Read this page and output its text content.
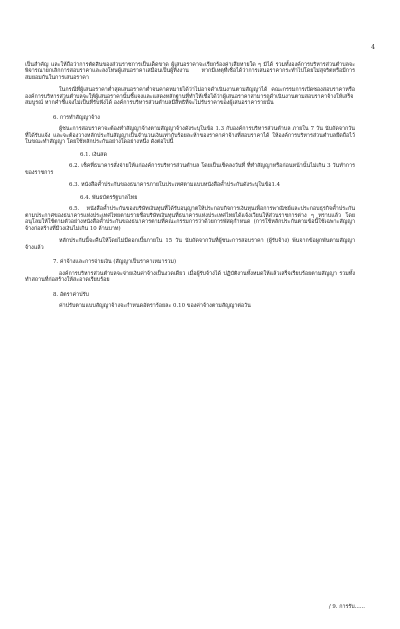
4

เป็นสำคัญ และให้ถือว่าการตัดสินของส่วนราชการเป็นเด็ดขาด ผู้เสนอราคาจะเรียกร้องค่าเสียหายใด ๆ มิได้ รวมทั้งองค์การบริหารส่วนตำบลจะพิจารณายกเลิกการสอบราคาและลงโทษผู้เสนอราคาเสมือนเป็นผู้ทิ้งงาน หากมีเหตุที่เชื่อได้ว่าการเสนอราคากระทำไปโดยไม่สุจริตหรือมีการสมยอมกันในการเสนอราคา

ในกรณีที่ผู้เสนอราคาต่ำสุดเสนอราคาต่ำจนคาดหมายได้ว่าไม่อาจดำเนินงานตามสัญญาได้ คณะกรรมการเปิดซองสอบราคาหรือองค์การบริหารส่วนตำบลจะให้ผู้เสนอราคานั้นชี้แจงและแสดงหลักฐานที่ทำให้เชื่อได้ว่าผู้เสนอราคาสามารถดำเนินงานตามสอบราคาจ้างให้เสร็จสมบูรณ์ หากคำชี้แจงไม่เป็นที่รับฟังได้ องค์การบริหารส่วนตำบลมีสิทธิที่จะไม่รับราคาของผู้เสนอราคารายนั้น

6. การทำสัญญาจ้าง

ผู้ชนะการสอบราคาจะต้องทำสัญญาจ้างตามสัญญาจ้างดังระบุในข้อ 1.3 กับองค์การบริหารส่วนตำบล ภายใน 7 วัน นับถัดจากวันที่ได้รับแจ้ง และจะต้องวางหลักประกันสัญญาเป็นจำนวนเงินเท่ากับร้อยละห้าของราคาค่าจ้างที่สอบราคาได้ ให้องค์การบริหารส่วนตำบลยึดถือไว้ในขณะทำสัญญา โดยใช้หลักประกันอย่างใดอย่างหนึ่ง ดังต่อไปนี้

6.1. เงินสด

6.2. เช็คที่ธนาคารสั่งจ่ายให้แก่องค์การบริหารส่วนตำบล โดยเป็นเช็คลงวันที่ ที่ทำสัญญาหรือก่อนหน้านั้นไม่เกิน 3 วันทำการของราชการ

6.3. หนังสือค้ำประกันของธนาคารภายในประเทศตามแบบหนังสือค้ำประกันดังระบุในข้อ1.4

6.4. พันธบัตรรัฐบาลไทย

6.5. หนังสือค้ำประกันของบริษัทเงินทุนที่ได้รับอนุญาตให้ประกอบกิจการเงินทุนเพื่อการพาณิชย์และประกอบธุรกิจค้ำประกันตามประกาศของธนาคารแห่งประเทศไทยตามรายชื่อบริษัทเงินทุนที่ธนาคารแห่งประเทศไทยได้แจ้งเวียนให้ส่วนราชการต่าง ๆ ทราบแล้ว โดยอนุโลมให้ใช้ตามตัวอย่างหนังสือค้ำประกันของธนาคารตามที่คณะกรรมการว่าด้วยการพัสดุกำหนด (การใช้หลักประกันตามข้อนี้ใช้เฉพาะสัญญาจ้างก่อสร้างที่มีวงเงินไม่เกิน 10 ล้านบาท)

หลักประกันนี้จะคืนให้โดยไม่มีดอกเบี้ยภายใน 15 วัน นับถัดจากวันที่ผู้ชนะการสอบราคา (ผู้รับจ้าง) พ้นจากข้อผูกพันตามสัญญาจ้างแล้ว

7. ค่าจ้างและการจ่ายเงิน (สัญญาเป็นราคาเหมารวม)

องค์การบริหารส่วนตำบลจะจ่ายเงินค่าจ้างเป็นงวดเดียว เมื่อผู้รับจ้างได้ ปฏิบัติงานทั้งหมดให้แล้วเสร็จเรียบร้อยตามสัญญา รวมทั้งทำสถานที่ก่อสร้างให้สะอาดเรียบร้อย

8. อัตราค่าปรับ

ค่าปรับตามแบบสัญญาจ้างจะกำหนดอัตราร้อยละ 0.10 ของค่าจ้างตามสัญญาต่อวัน

/ 9. การรับ......
